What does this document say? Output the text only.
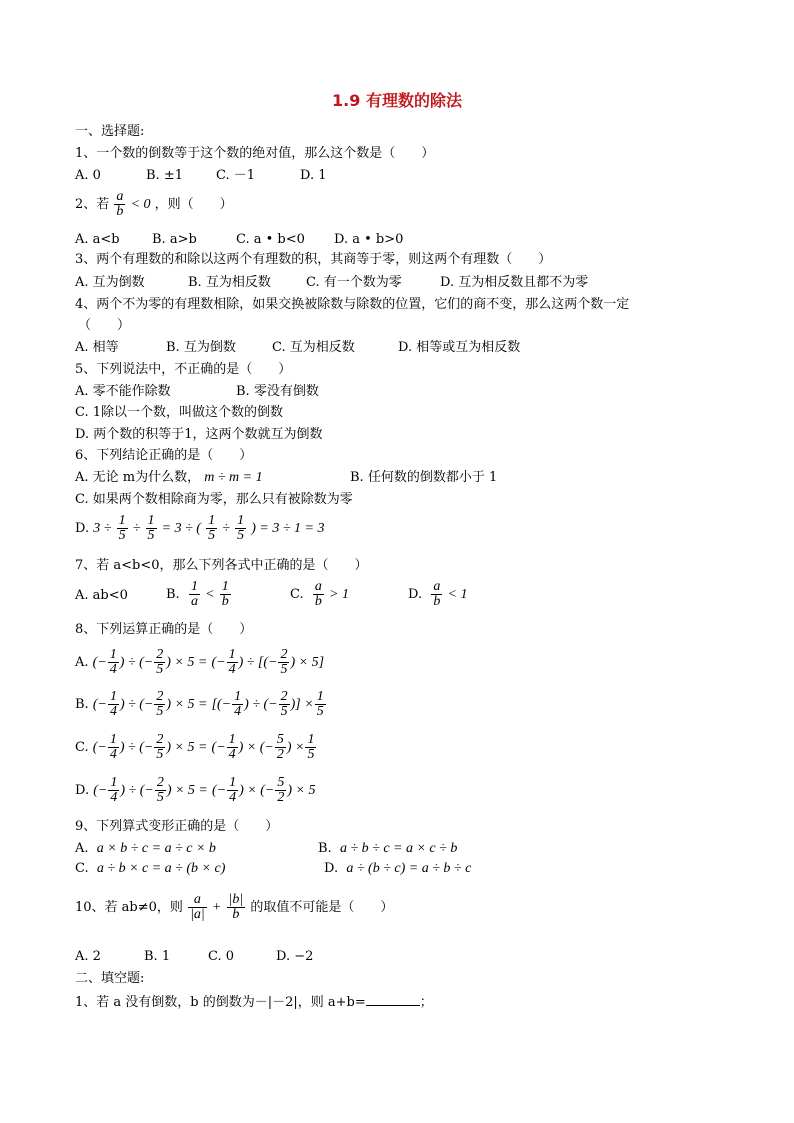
1.9 有理数的除法
一、选择题:
1、一个数的倒数等于这个数的绝对值，那么这个数是（　　）
A. 0	B. ±1	C. －1	D. 1
2、若 $\frac{a}{b} < 0$ ，则（　　）
A. a<b B. a>b	C. a • b<0 D. a • b>0
3、两个有理数的和除以这两个有理数的积，其商等于零，则这两个有理数（　　）
A. 互为倒数	B. 互为相反数	C. 有一个数为零	D. 互为相反数且都不为零
4、两个不为零的有理数相除，如果交换被除数与除数的位置，它们的商不变，那么这两个数一定
（　　）
A. 相等	B. 互为倒数	C. 互为相反数	D. 相等或互为相反数
5、下列说法中，不正确的是（　　）
A. 零不能作除数	B. 零没有倒数
C. 1除以一个数，叫做这个数的倒数
D. 两个数的积等于1，这两个数就互为倒数
6、下列结论正确的是（　　）
A. 无论 m为什么数， m ÷ m = 1	B. 任何数的倒数都小于 1
C. 如果两个数相除商为零，那么只有被除数为零
D. $3 \div \frac{1}{5} \div \frac{1}{5} = 3$ ÷ ( $\frac{1}{5} \div \frac{1}{5}$ ) = 3 ÷ 1 = 3
7、若 a<b<0，那么下列各式中正确的是（　　）
A. ab<0	B. $\frac{1}{a} < \frac{1}{b}$	C. $\frac{a}{b} > 1$	D. $\frac{a}{b} < 1$
8、下列运算正确的是（　　）
A. (− $\frac{1}{4}$ ) ÷ (− $\frac{2}{5}$ ) × 5 = (− $\frac{1}{4}$ ) ÷ [(− $\frac{2}{5}$ ) × 5]
B. (− $\frac{1}{4}$ ) ÷ (− $\frac{2}{5}$ ) × 5 = [(− $\frac{1}{4}$ ) ÷ (− $\frac{2}{5}$ )] × $\frac{1}{5}$
C. (− $\frac{1}{4}$ ) ÷ (− $\frac{2}{5}$ ) × 5 = (− $\frac{1}{4}$ ) × (− $\frac{5}{2}$ ) × $\frac{1}{5}$
D. (− $\frac{1}{4}$ ) ÷ (− $\frac{2}{5}$ ) × 5 = (− $\frac{1}{4}$ ) × (− $\frac{5}{2}$ ) × 5
9、下列算式变形正确的是（　　）
A. a × b ÷ c = a ÷ c × b	B. a ÷ b ÷ c = a × c ÷ b
C. a ÷ b × c = a ÷ (b × c)	D. a ÷ (b ÷ c) = a ÷ b ÷ c
10、若 ab≠0，则 $\frac{a}{|a|} + \frac{|b|}{b}$ 的取值不可能是（　　）
A. 2	B. 1	C. 0	D. −2
二、填空题:
1、若 a 没有倒数，b 的倒数为－|－2|，则 a+b=	；
